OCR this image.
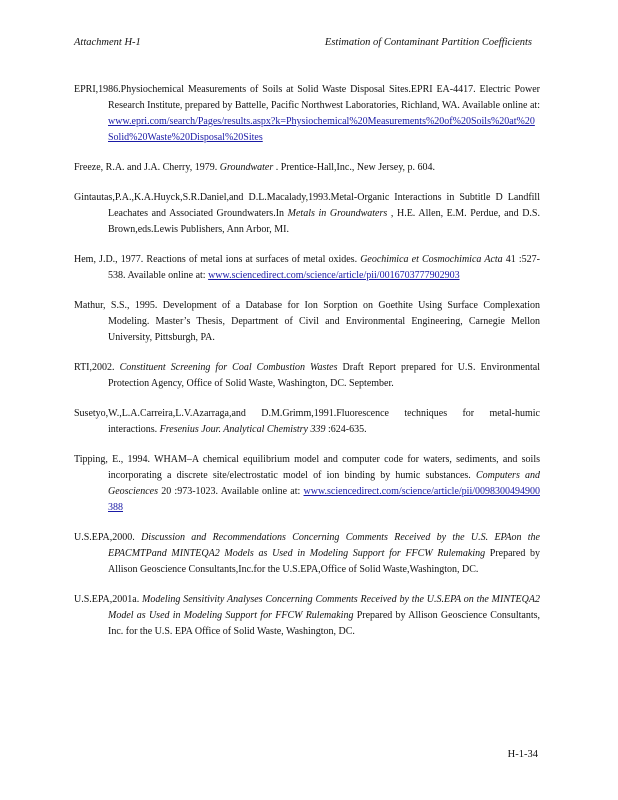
Attachment H-1	Estimation of Contaminant Partition Coefficients

EPRI,1986.Physiochemical Measurements of Soils at Solid Waste Disposal Sites.EPRI EA-4417. Electric Power Research Institute, prepared by Battelle, Pacific Northwest Laboratories, Richland, WA. Available online at: www.epri.com/search/Pages/results.aspx?k=Physiochemical%20Measurements%20of%20Soils%20at%20Solid%20Waste%20Disposal%20Sites

Freeze, R.A. and J.A. Cherry, 1979. Groundwater . Prentice-Hall,Inc., New Jersey, p. 604.

Gintautas,P.A.,K.A.Huyck,S.R.Daniel,and D.L.Macalady,1993.Metal-Organic Interactions in Subtitle D Landfill Leachates and Associated Groundwaters.In Metals in Groundwaters , H.E. Allen, E.M. Perdue, and D.S. Brown,eds.Lewis Publishers, Ann Arbor, MI.

Hem, J.D., 1977. Reactions of metal ions at surfaces of metal oxides. Geochimica et Cosmochimica Acta 41 :527-538. Available online at: www.sciencedirect.com/science/article/pii/0016703777902903

Mathur, S.S., 1995. Development of a Database for Ion Sorption on Goethite Using Surface Complexation Modeling. Master’s Thesis, Department of Civil and Environmental Engineering, Carnegie Mellon University, Pittsburgh, PA.

RTI,2002. Constituent Screening for Coal Combustion Wastes Draft Report prepared for U.S. Environmental Protection Agency, Office of Solid Waste, Washington, DC. September.

Susetyo,W.,L.A.Carreira,L.V.Azarraga,and D.M.Grimm,1991.Fluorescence techniques for metal-humic interactions. Fresenius Jour. Analytical Chemistry 339 :624-635.

Tipping, E., 1994. WHAM–A chemical equilibrium model and computer code for waters, sediments, and soils incorporating a discrete site/electrostatic model of ion binding by humic substances. Computers and Geosciences 20 :973-1023. Available online at: www.sciencedirect.com/science/article/pii/0098300494900388

U.S.EPA,2000. Discussion and Recommendations Concerning Comments Received by the U.S. EPAon the EPACMTPand MINTEQA2 Models as Used in Modeling Support for FFCW Rulemaking Prepared by Allison Geoscience Consultants,Inc.for the U.S.EPA,Office of Solid Waste,Washington, DC.

U.S.EPA,2001a. Modeling Sensitivity Analyses Concerning Comments Received by the U.S.EPA on the MINTEQA2 Model as Used in Modeling Support for FFCW Rulemaking Prepared by Allison Geoscience Consultants, Inc. for the U.S. EPA Office of Solid Waste, Washington, DC.

H-1-34
